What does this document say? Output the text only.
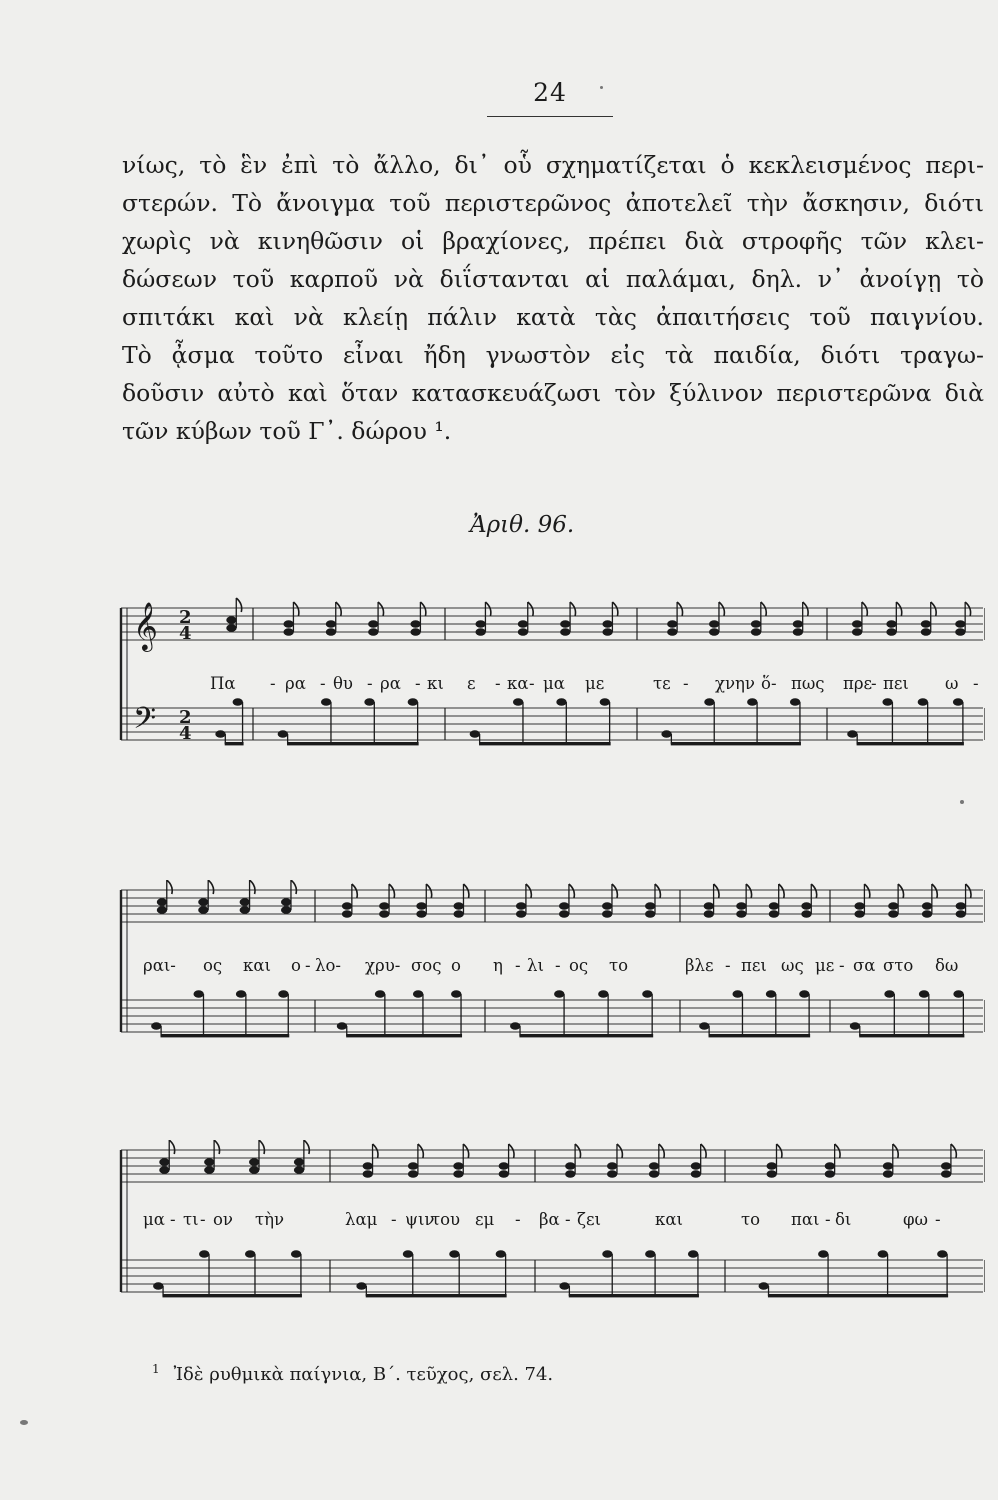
24
νίως, τὸ ἓν ἐπὶ τὸ ἄλλο, δι᾽ οὗ σχηματίζεται ὁ κεκλεισμένος περι-
στερών. Τὸ ἄνοιγμα τοῦ περιστερῶνος ἀποτελεῖ τὴν ἄσκησιν, διότι
χωρὶς νὰ κινηθῶσιν οἱ βραχίονες, πρέπει διὰ στροφῆς τῶν κλει-
δώσεων τοῦ καρποῦ νὰ διΐστανται αἱ παλάμαι, δηλ. ν᾽ ἀνοίγῃ τὸ
σπιτάκι καὶ νὰ κλείῃ πάλιν κατὰ τὰς ἀπαιτήσεις τοῦ παιγνίου.
Τὸ ᾆσμα τοῦτο εἶναι ἤδη γνωστὸν εἰς τὰ παιδία, διότι τραγω-
δοῦσιν αὐτὸ καὶ ὅταν κατασκευάζωσι τὸν ξύλινον περιστερῶνα διὰ
τῶν κύβων τοῦ Γ᾽. δώρου ¹.
Ἀριθ. 96.
𝄞
𝄢
2
4
2
4
Πα - ρα - θυ - ρα - κι ε - κα - μα με	τε - χνην ὅ - πως πρε
- πει ω -
ραι- ος και ο - λο- χρυ- σος ο η - λι - ος το	βλε - πει ως με - σα στο δω
μα - τι - ον τὴν	λαμ - ψιν
του εμ - βα - ζει	και	το παι - δι	φω -
$^1$ Ἰδὲ ρυθμικὰ παίγνια, Β΄. τεῦχος, σελ. 74.
